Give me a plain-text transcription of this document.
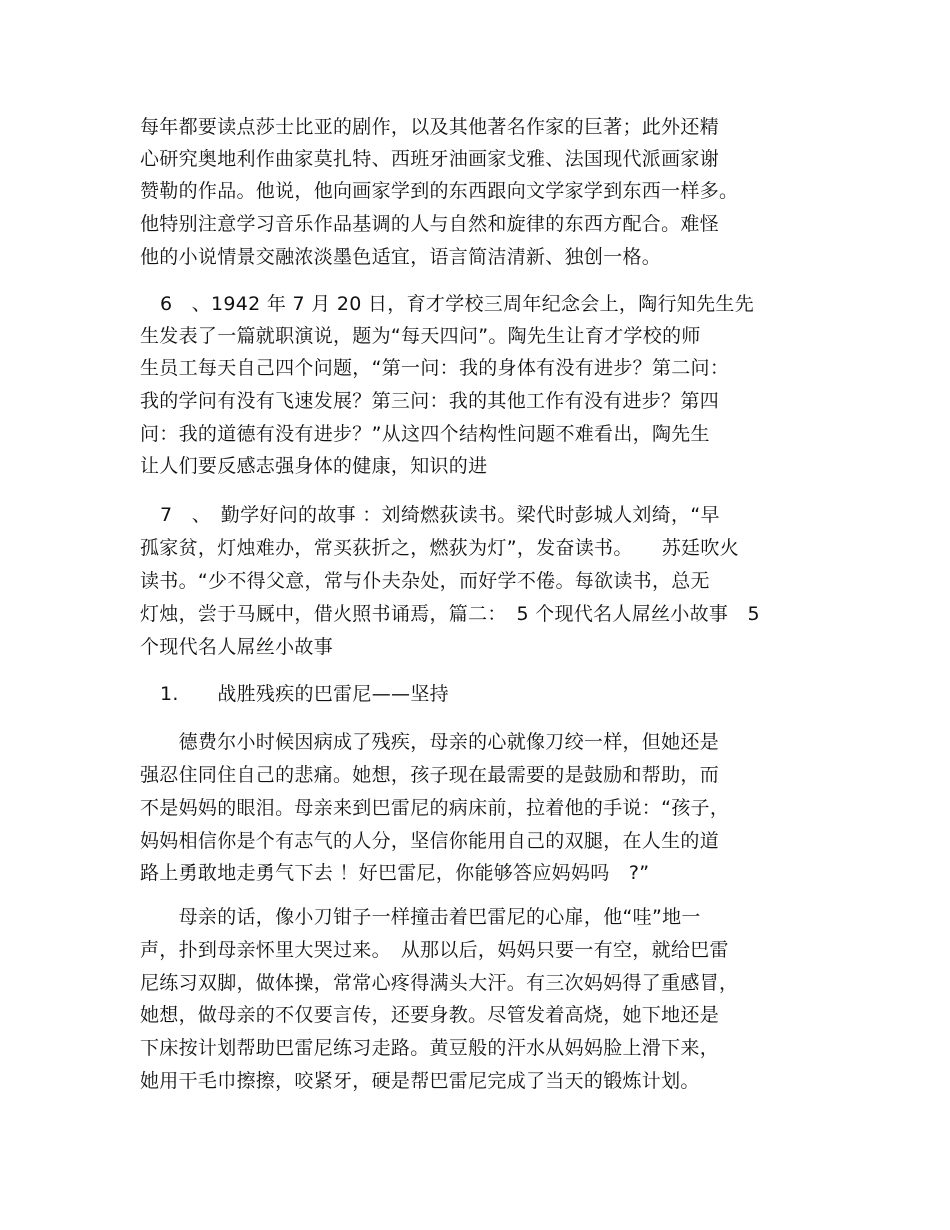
每年都要读点莎士比亚的剧作，以及其他著名作家的巨著；此外还精
心研究奥地利作曲家莫扎特、西班牙油画家戈雅、法国现代派画家谢
赞勒的作品。他说，他向画家学到的东西跟向文学家学到东西一样多。
他特别注意学习音乐作品基调的人与自然和旋律的东西方配合。难怪
他的小说情景交融浓淡墨色适宜，语言简洁清新、独创一格。
6　、1942 年 7 月 20 日，育才学校三周年纪念会上，陶行知先生先
生发表了一篇就职演说，题为“每天四问”。陶先生让育才学校的师
生员工每天自己四个问题，“第一问：我的身体有没有进步？第二问：
我的学问有没有飞速发展？第三问：我的其他工作有没有进步？第四
问：我的道德有没有进步？”从这四个结构性问题不难看出，陶先生
让人们要反感志强身体的健康，知识的进
7　、　勤学好问的故事 ：刘绮燃荻读书。梁代时彭城人刘绮，“早
孤家贫，灯烛难办，常买荻折之，燃荻为灯”，发奋读书。　　苏廷吹火
读书。“少不得父意，常与仆夫杂处，而好学不倦。每欲读书，总无
灯烛，尝于马厩中，借火照书诵焉，篇二：　5 个现代名人屌丝小故事　5
个现代名人屌丝小故事
1.　　战胜残疾的巴雷尼——坚持
　　德费尔小时候因病成了残疾，母亲的心就像刀绞一样，但她还是
强忍住同住自己的悲痛。她想，孩子现在最需要的是鼓励和帮助，而
不是妈妈的眼泪。母亲来到巴雷尼的病床前，拉着他的手说：“孩子，
妈妈相信你是个有志气的人分，坚信你能用自己的双腿，在人生的道
路上勇敢地走勇气下去 ！好巴雷尼，你能够答应妈妈吗　?”
　　母亲的话，像小刀钳子一样撞击着巴雷尼的心扉，他“哇”地一
声，扑到母亲怀里大哭过来。　从那以后，妈妈只要一有空，就给巴雷
尼练习双脚，做体操，常常心疼得满头大汗。有三次妈妈得了重感冒，
她想，做母亲的不仅要言传，还要身教。尽管发着高烧，她下地还是
下床按计划帮助巴雷尼练习走路。黄豆般的汗水从妈妈脸上滑下来，
她用干毛巾擦擦，咬紧牙，硬是帮巴雷尼完成了当天的锻炼计划。
